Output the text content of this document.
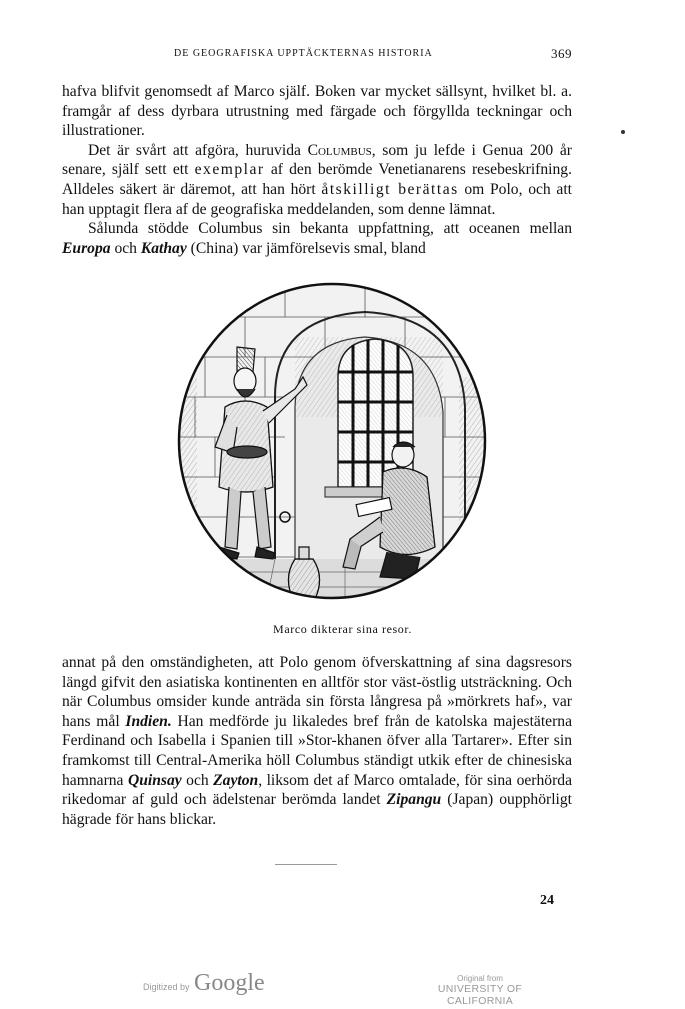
DE GEOGRAFISKA UPPTÄCKTERNAS HISTORIA	369

hafva blifvit genomsedt af Marco själf. Boken var mycket sällsynt, hvilket bl. a. framgår af dess dyrbara utrustning med färgade och förgyllda teckningar och illustrationer.

Det är svårt att afgöra, huruvida Columbus, som ju lefde i Genua 200 år senare, själf sett ett exemplar af den berömde Venetianarens resebeskrifning. Alldeles säkert är däremot, att han hört åtskilligt berättas om Polo, och att han upptagit flera af de geografiska meddelanden, som denne lämnat.

Sålunda stödde Columbus sin bekanta uppfattning, att oceanen mellan Europa och Kathay (China) var jämförelsevis smal, bland

Marco dikterar sina resor.

annat på den omständigheten, att Polo genom öfverskattning af sina dagsresors längd gifvit den asiatiska kontinenten en alltför stor väst-östlig utsträckning. Och när Columbus omsider kunde anträda sin första långresa på »mörkrets haf», var hans mål Indien. Han medförde ju likaledes bref från de katolska majestäterna Ferdinand och Isabella i Spanien till »Stor-khanen öfver alla Tartarer». Efter sin framkomst till Central-Amerika höll Columbus ständigt utkik efter de chinesiska hamnarna Quinsay och Zayton, liksom det af Marco omtalade, för sina oerhörda rikedomar af guld och ädelstenar berömda landet Zipangu (Japan) oupphörligt hägrade för hans blickar.

24
Digitized by Google	Original from
UNIVERSITY OF CALIFORNIA
